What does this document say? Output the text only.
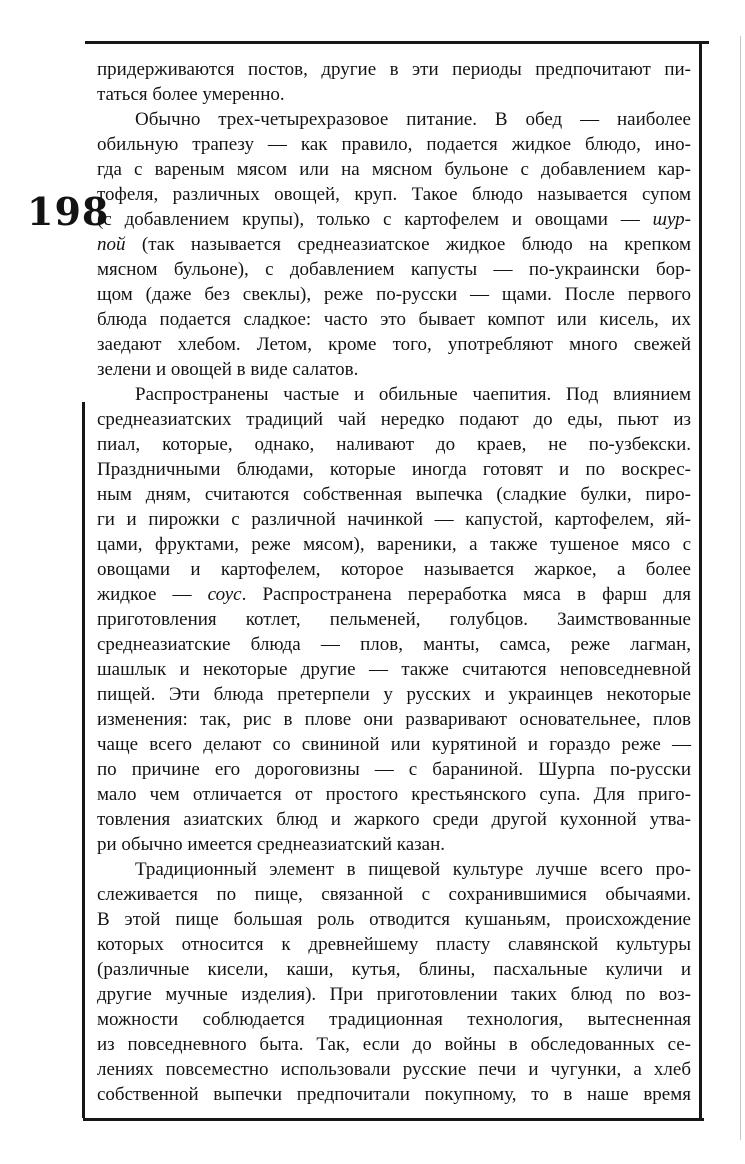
198
придерживаются постов, другие в эти периоды предпочитают пи-
таться более умеренно.
Обычно трех-четырехразовое питание. В обед — наиболее
обильную трапезу — как правило, подается жидкое блюдо, ино-
гда с вареным мясом или на мясном бульоне с добавлением кар-
тофеля, различных овощей, круп. Такое блюдо называется супом
(с добавлением крупы), только с картофелем и овощами — шур-
пой (так называется среднеазиатское жидкое блюдо на крепком
мясном бульоне), с добавлением капусты — по-украински бор-
щом (даже без свеклы), реже по-русски — щами. После первого
блюда подается сладкое: часто это бывает компот или кисель, их
заедают хлебом. Летом, кроме того, употребляют много свежей
зелени и овощей в виде салатов.
Распространены частые и обильные чаепития. Под влиянием
среднеазиатских традиций чай нередко подают до еды, пьют из
пиал, которые, однако, наливают до краев, не по-узбекски.
Праздничными блюдами, которые иногда готовят и по воскрес-
ным дням, считаются собственная выпечка (сладкие булки, пиро-
ги и пирожки с различной начинкой — капустой, картофелем, яй-
цами, фруктами, реже мясом), вареники, а также тушеное мясо с
овощами и картофелем, которое называется жаркое, а более
жидкое — соус. Распространена переработка мяса в фарш для
приготовления котлет, пельменей, голубцов. Заимствованные
среднеазиатские блюда — плов, манты, самса, реже лагман,
шашлык и некоторые другие — также считаются неповседневной
пищей. Эти блюда претерпели у русских и украинцев некоторые
изменения: так, рис в плове они разваривают основательнее, плов
чаще всего делают со свининой или курятиной и гораздо реже —
по причине его дороговизны — с бараниной. Шурпа по-русски
мало чем отличается от простого крестьянского супа. Для приго-
товления азиатских блюд и жаркого среди другой кухонной утва-
ри обычно имеется среднеазиатский казан.
Традиционный элемент в пищевой культуре лучше всего про-
слеживается по пище, связанной с сохранившимися обычаями.
В этой пище большая роль отводится кушаньям, происхождение
которых относится к древнейшему пласту славянской культуры
(различные кисели, каши, кутья, блины, пасхальные куличи и
другие мучные изделия). При приготовлении таких блюд по воз-
можности соблюдается традиционная технология, вытесненная
из повседневного быта. Так, если до войны в обследованных се-
лениях повсеместно использовали русские печи и чугунки, а хлеб
собственной выпечки предпочитали покупному, то в наше время
